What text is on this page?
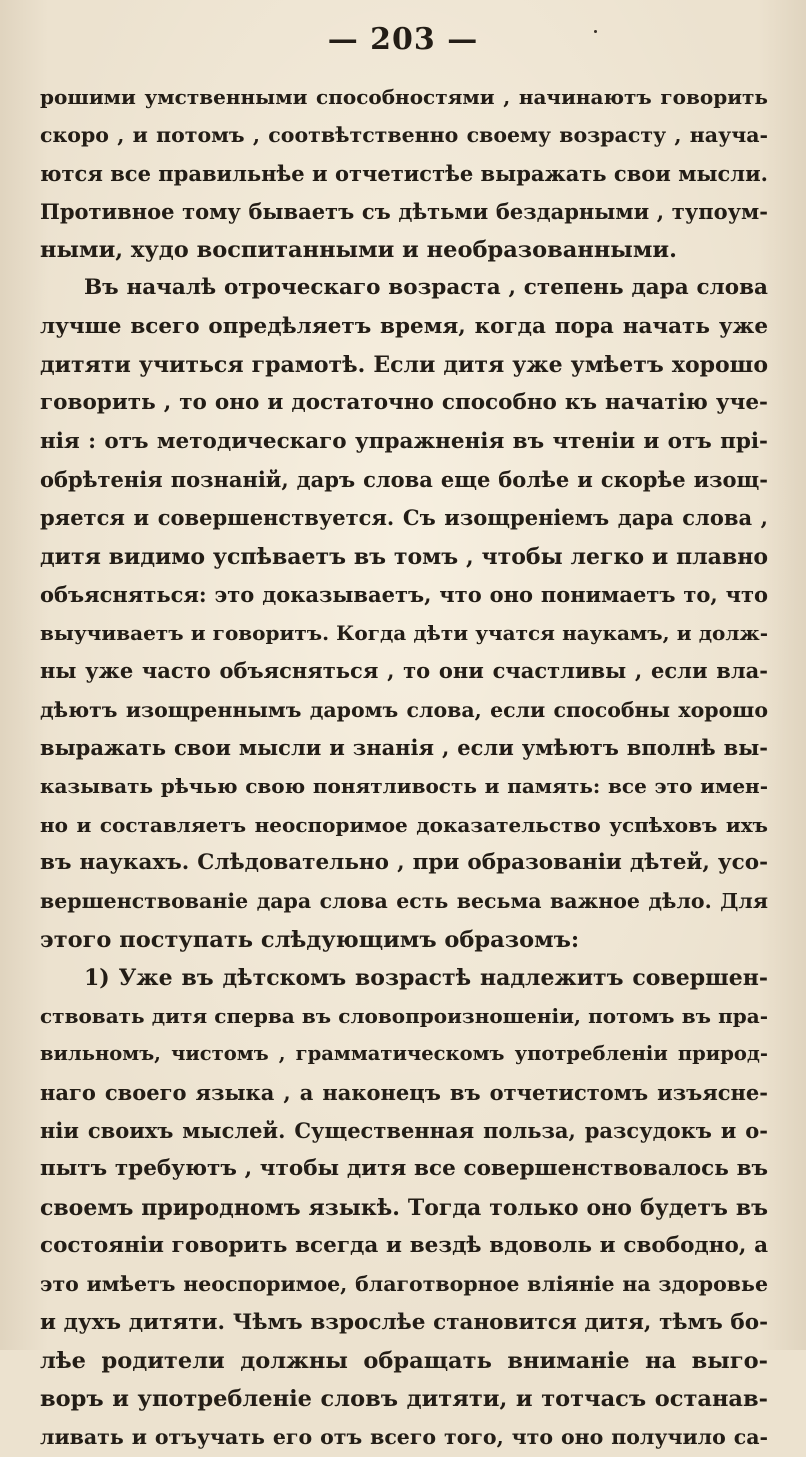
— 203 —
рошими умственными способностями , начинаютъ говорить
скоро , и потомъ , соотвѣтственно своему возрасту , науча-
ются все правильнѣе и отчетистѣе выражать свои мысли.
Противное тому бываетъ съ дѣтьми бездарными , тупоум-
ными, худо воспитанными и необразованными.
Въ началѣ отроческаго возраста , степень дара слова
лучше всего опредѣляетъ время, когда пора начать уже
дитяти учиться грамотѣ. Если дитя уже умѣетъ хорошо
говорить , то оно и достаточно способно къ начатію уче-
нія : отъ методическаго упражненія въ чтеніи и отъ прі-
обрѣтенія познаній, даръ слова еще болѣе и скорѣе изощ-
ряется и совершенствуется. Съ изощреніемъ дара слова ,
дитя видимо успѣваетъ въ томъ , чтобы легко и плавно
объясняться: это доказываетъ, что оно понимаетъ то, что
выучиваетъ и говоритъ. Когда дѣти учатся наукамъ, и долж-
ны уже часто объясняться , то они счастливы , если вла-
дѣютъ изощреннымъ даромъ слова, если способны хорошо
выражать свои мысли и знанія , если умѣютъ вполнѣ вы-
казывать рѣчью свою понятливость и память: все это имен-
но и составляетъ неоспоримое доказательство успѣховъ ихъ
въ наукахъ. Слѣдовательно , при образованіи дѣтей, усо-
вершенствованіе дара слова есть весьма важное дѣло. Для
этого поступать слѣдующимъ образомъ:
1) Уже въ дѣтскомъ возрастѣ надлежитъ совершен-
ствовать дитя сперва въ словопроизношеніи, потомъ въ пра-
вильномъ, чистомъ , грамматическомъ употребленіи природ-
наго своего языка , а наконецъ въ отчетистомъ изъясне-
ніи своихъ мыслей. Существенная польза, разсудокъ и о-
пытъ требуютъ , чтобы дитя все совершенствовалось въ
своемъ природномъ языкѣ. Тогда только оно будетъ въ
состояніи говорить всегда и вездѣ вдоволь и свободно, а
это имѣетъ неоспоримое, благотворное вліяніе на здоровье
и духъ дитяти. Чѣмъ взрослѣе становится дитя, тѣмъ бо-
лѣе родители должны обращать вниманіе на выго-
воръ и употребленіе словъ дитяти, и тотчасъ останав-
ливать и отъучать его отъ всего того, что оно получило са-
